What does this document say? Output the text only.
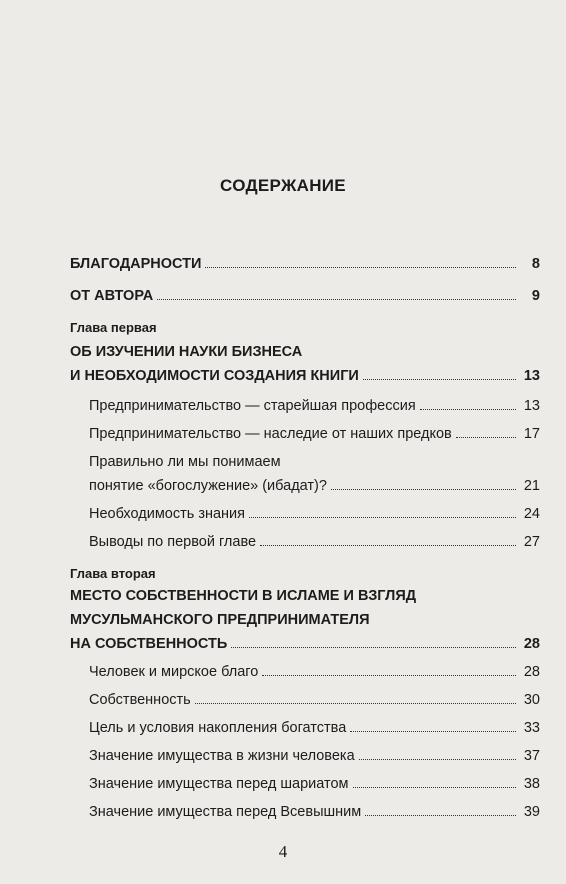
СОДЕРЖАНИЕ
БЛАГОДАРНОСТИ	8
ОТ АВТОРА	9
Глава первая
ОБ ИЗУЧЕНИИ НАУКИ БИЗНЕСА
И НЕОБХОДИМОСТИ СОЗДАНИЯ КНИГИ	13
Предпринимательство — старейшая профессия	13
Предпринимательство — наследие от наших предков	17
Правильно ли мы понимаем
понятие «богослужение» (ибадат)?	21
Необходимость знания	24
Выводы по первой главе	27
Глава вторая
МЕСТО СОБСТВЕННОСТИ В ИСЛАМЕ И ВЗГЛЯД
МУСУЛЬМАНСКОГО ПРЕДПРИНИМАТЕЛЯ
НА СОБСТВЕННОСТЬ	28
Человек и мирское благо	28
Собственность	30
Цель и условия накопления богатства	33
Значение имущества в жизни человека	37
Значение имущества перед шариатом	38
Значение имущества перед Всевышним	39
4
